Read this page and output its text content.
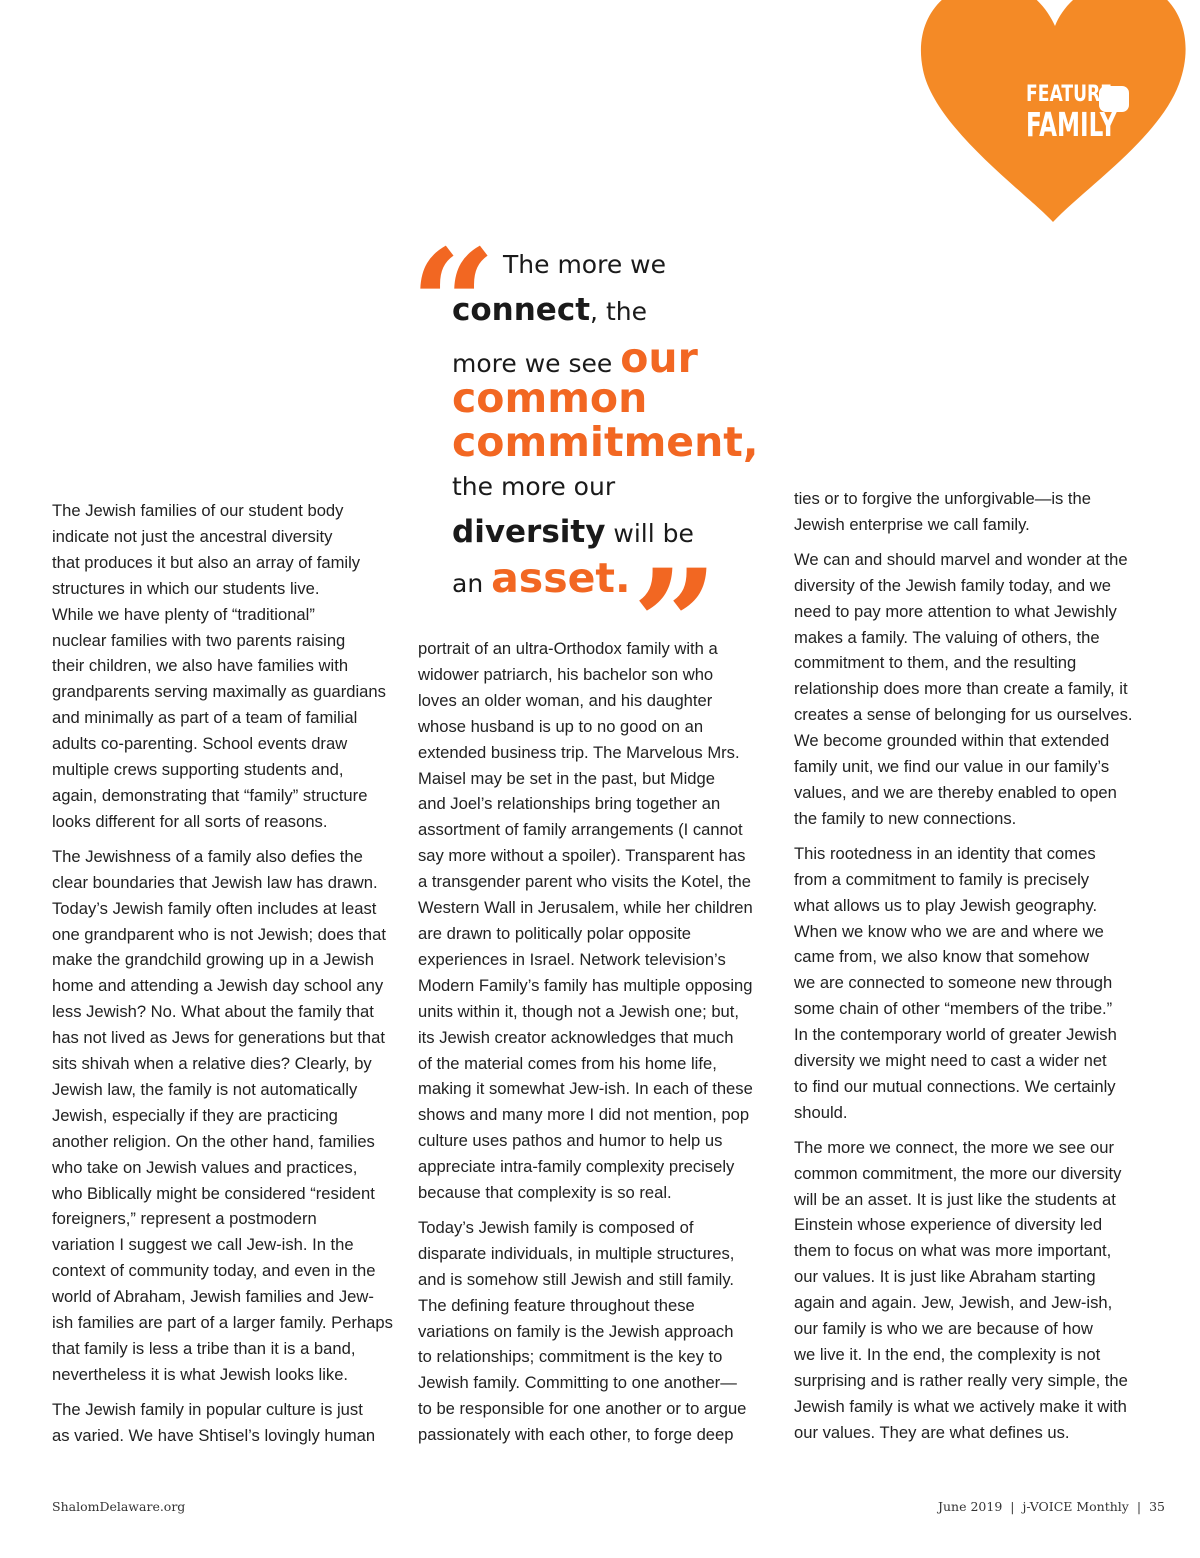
FEATURE
FAMILY
“ The more we
connect, the
more we see our
common
commitment,
the more our
diversity will be
an asset. ”

The Jewish families of our student body
indicate not just the ancestral diversity
that produces it but also an array of family
structures in which our students live.
While we have plenty of “traditional”
nuclear families with two parents raising
their children, we also have families with
grandparents serving maximally as guardians
and minimally as part of a team of familial
adults co-parenting. School events draw
multiple crews supporting students and,
again, demonstrating that “family” structure
looks different for all sorts of reasons.

The Jewishness of a family also defies the
clear boundaries that Jewish law has drawn.
Today’s Jewish family often includes at least
one grandparent who is not Jewish; does that
make the grandchild growing up in a Jewish
home and attending a Jewish day school any
less Jewish? No. What about the family that
has not lived as Jews for generations but that
sits shivah when a relative dies? Clearly, by
Jewish law, the family is not automatically
Jewish, especially if they are practicing
another religion. On the other hand, families
who take on Jewish values and practices,
who Biblically might be considered “resident
foreigners,” represent a postmodern
variation I suggest we call Jew-ish. In the
context of community today, and even in the
world of Abraham, Jewish families and Jew-
ish families are part of a larger family. Perhaps
that family is less a tribe than it is a band,
nevertheless it is what Jewish looks like.

The Jewish family in popular culture is just
as varied. We have Shtisel’s lovingly human

portrait of an ultra-Orthodox family with a
widower patriarch, his bachelor son who
loves an older woman, and his daughter
whose husband is up to no good on an
extended business trip. The Marvelous Mrs.
Maisel may be set in the past, but Midge
and Joel’s relationships bring together an
assortment of family arrangements (I cannot
say more without a spoiler). Transparent has
a transgender parent who visits the Kotel, the
Western Wall in Jerusalem, while her children
are drawn to politically polar opposite
experiences in Israel. Network television’s
Modern Family’s family has multiple opposing
units within it, though not a Jewish one; but,
its Jewish creator acknowledges that much
of the material comes from his home life,
making it somewhat Jew-ish. In each of these
shows and many more I did not mention, pop
culture uses pathos and humor to help us
appreciate intra-family complexity precisely
because that complexity is so real.

Today’s Jewish family is composed of
disparate individuals, in multiple structures,
and is somehow still Jewish and still family.
The defining feature throughout these
variations on family is the Jewish approach
to relationships; commitment is the key to
Jewish family. Committing to one another—
to be responsible for one another or to argue
passionately with each other, to forge deep

ties or to forgive the unforgivable—is the
Jewish enterprise we call family.

We can and should marvel and wonder at the
diversity of the Jewish family today, and we
need to pay more attention to what Jewishly
makes a family. The valuing of others, the
commitment to them, and the resulting
relationship does more than create a family, it
creates a sense of belonging for us ourselves.
We become grounded within that extended
family unit, we find our value in our family’s
values, and we are thereby enabled to open
the family to new connections.

This rootedness in an identity that comes
from a commitment to family is precisely
what allows us to play Jewish geography.
When we know who we are and where we
came from, we also know that somehow
we are connected to someone new through
some chain of other “members of the tribe.”
In the contemporary world of greater Jewish
diversity we might need to cast a wider net
to find our mutual connections. We certainly
should.

The more we connect, the more we see our
common commitment, the more our diversity
will be an asset. It is just like the students at
Einstein whose experience of diversity led
them to focus on what was more important,
our values. It is just like Abraham starting
again and again. Jew, Jewish, and Jew-ish,
our family is who we are because of how
we live it. In the end, the complexity is not
surprising and is rather really very simple, the
Jewish family is what we actively make it with
our values. They are what defines us.

ShalomDelaware.org	June 2019 | j-VOICE Monthly | 35
